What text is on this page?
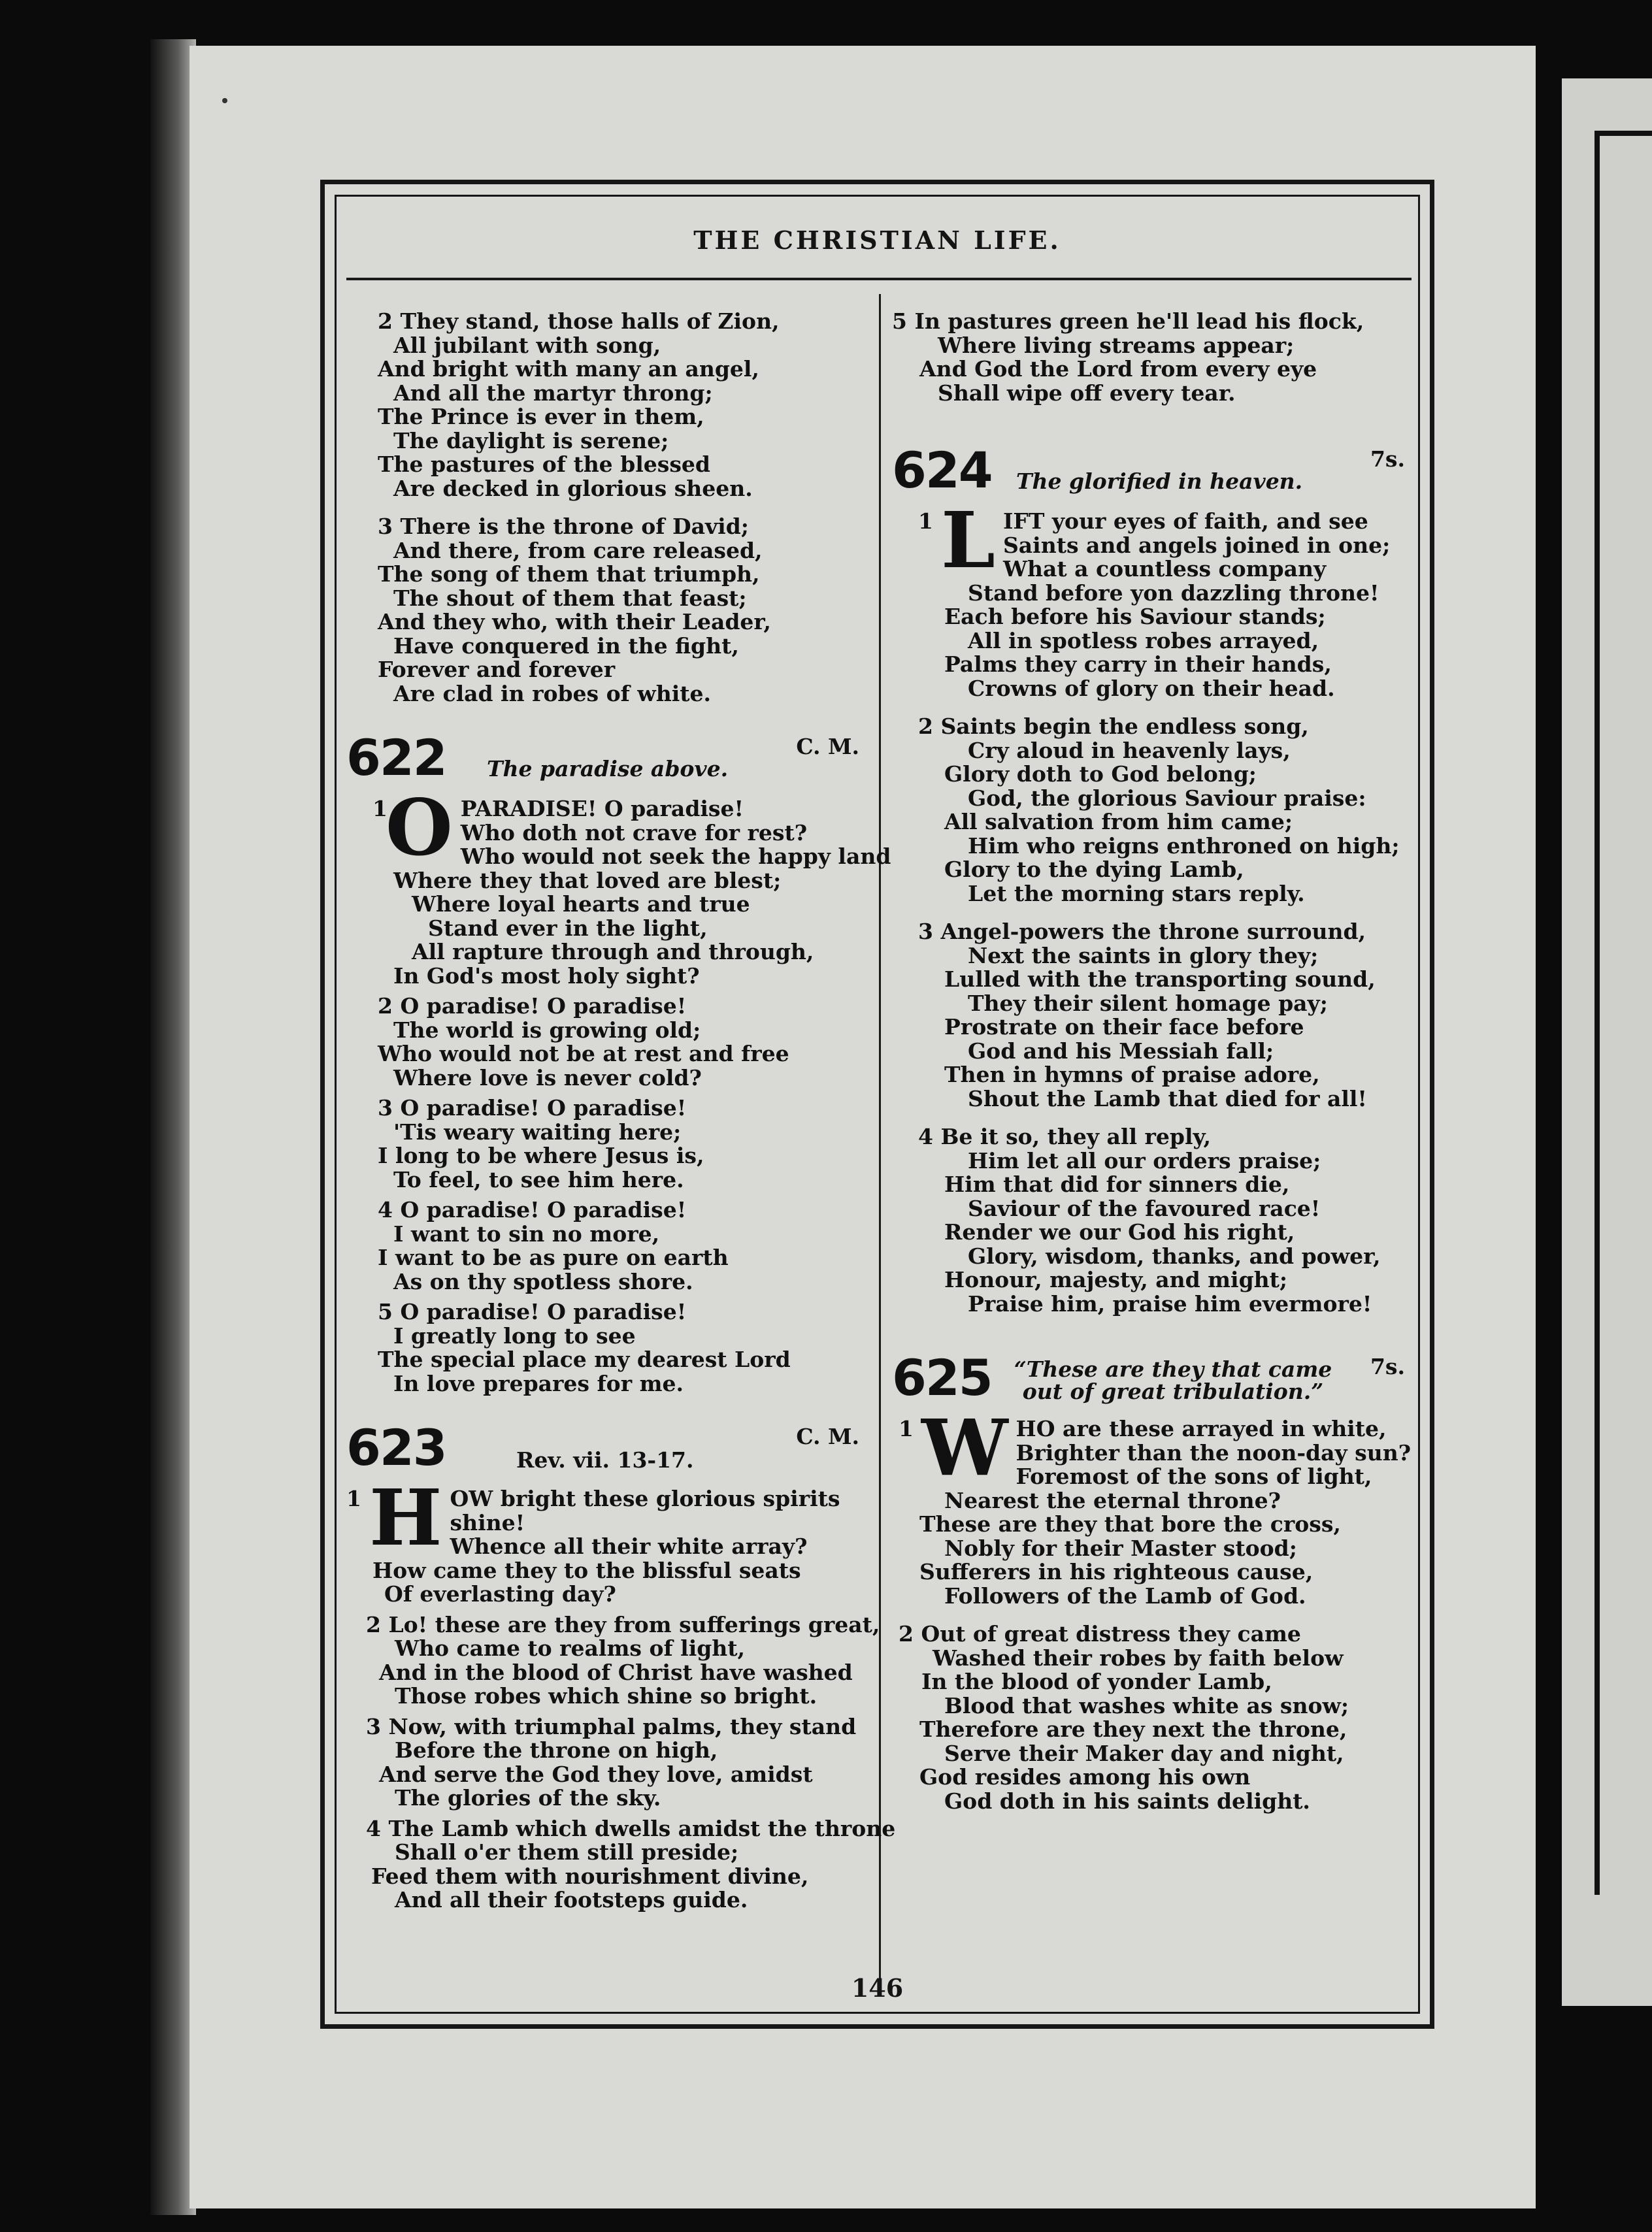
THE CHRISTIAN LIFE.
2 They stand, those halls of Zion,
All jubilant with song,
And bright with many an angel,
And all the martyr throng;
The Prince is ever in them,
The daylight is serene;
The pastures of the blessed
Are decked in glorious sheen.
3 There is the throne of David;
And there, from care released,
The song of them that triumph,
The shout of them that feast;
And they who, with their Leader,
Have conquered in the fight,
Forever and forever
Are clad in robes of white.
622 The paradise above.
C. M.
1
O PARADISE! O paradise!
Who doth not crave for rest?
Who would not seek the happy land
Where they that loved are blest;
Where loyal hearts and true
Stand ever in the light,
All rapture through and through,
In God's most holy sight?
2 O paradise! O paradise!
The world is growing old;
Who would not be at rest and free
Where love is never cold?
3 O paradise! O paradise!
'Tis weary waiting here;
I long to be where Jesus is,
To feel, to see him here.
4 O paradise! O paradise!
I want to sin no more,
I want to be as pure on earth
As on thy spotless shore.
5 O paradise! O paradise!
I greatly long to see
The special place my dearest Lord
In love prepares for me.
623	Rev. vii. 13-17.
C. M.
1 H OW bright these glorious spirits
shine!
Whence all their white array?
How came they to the blissful seats
Of everlasting day?
2 Lo! these are they from sufferings great,
Who came to realms of light,
And in the blood of Christ have washed
Those robes which shine so bright.
3 Now, with triumphal palms, they stand
Before the throne on high,
And serve the God they love, amidst
The glories of the sky.
4 The Lamb which dwells amidst the throne
Shall o'er them still preside;
Feed them with nourishment divine,
And all their footsteps guide.
5 In pastures green he'll lead his flock,
Where living streams appear;
And God the Lord from every eye
Shall wipe off every tear.
624 The glorified in heaven.
7s.
1 L IFT your eyes of faith, and see
Saints and angels joined in one;
What a countless company
Stand before yon dazzling throne!
Each before his Saviour stands;
All in spotless robes arrayed,
Palms they carry in their hands,
Crowns of glory on their head.
2 Saints begin the endless song,
Cry aloud in heavenly lays,
Glory doth to God belong;
God, the glorious Saviour praise:
All salvation from him came;
Him who reigns enthroned on high;
Glory to the dying Lamb,
Let the morning stars reply.
3 Angel-powers the throne surround,
Next the saints in glory they;
Lulled with the transporting sound,
They their silent homage pay;
Prostrate on their face before
God and his Messiah fall;
Then in hymns of praise adore,
Shout the Lamb that died for all!
4 Be it so, they all reply,
Him let all our orders praise;
Him that did for sinners die,
Saviour of the favoured race!
Render we our God his right,
Glory, wisdom, thanks, and power,
Honour, majesty, and might;
Praise him, praise him evermore!
625	“These are they that came out of great tribulation.”
7s.
1 W HO are these arrayed in white,
Brighter than the noon-day sun?
Foremost of the sons of light,
Nearest the eternal throne?
These are they that bore the cross,
Nobly for their Master stood;
Sufferers in his righteous cause,
Followers of the Lamb of God.
2 Out of great distress they came
Washed their robes by faith below
In the blood of yonder Lamb,
Blood that washes white as snow;
Therefore are they next the throne,
Serve their Maker day and night,
God resides among his own
God doth in his saints delight.
146
